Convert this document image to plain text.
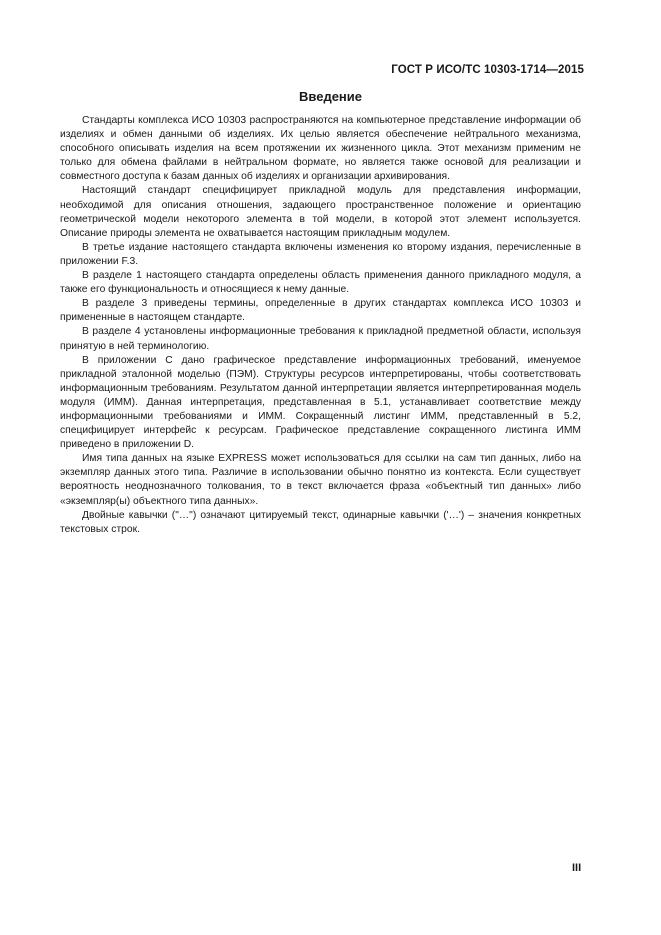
ГОСТ Р ИСО/ТС 10303-1714—2015
Введение

Стандарты комплекса ИСО 10303 распространяются на компьютерное представление информации об изделиях и обмен данными об изделиях. Их целью является обеспечение нейтрального механизма, способного описывать изделия на всем протяжении их жизненного цикла. Этот механизм применим не только для обмена файлами в нейтральном формате, но является также основой для реализации и совместного доступа к базам данных об изделиях и организации архивирования.

Настоящий стандарт специфицирует прикладной модуль для представления информации, необходимой для описания отношения, задающего пространственное положение и ориентацию геометрической модели некоторого элемента в той модели, в которой этот элемент используется. Описание природы элемента не охватывается настоящим прикладным модулем.

В третье издание настоящего стандарта включены изменения ко второму издания, перечисленные в приложении F.3.

В разделе 1 настоящего стандарта определены область применения данного прикладного модуля, а также его функциональность и относящиеся к нему данные.

В разделе 3 приведены термины, определенные в других стандартах комплекса ИСО 10303 и примененные в настоящем стандарте.

В разделе 4 установлены информационные требования к прикладной предметной области, используя принятую в ней терминологию.

В приложении С дано графическое представление информационных требований, именуемое прикладной эталонной моделью (ПЭМ). Структуры ресурсов интерпретированы, чтобы соответствовать информационным требованиям. Результатом данной интерпретации является интерпретированная модель модуля (ИММ). Данная интерпретация, представленная в 5.1, устанавливает соответствие между информационными требованиями и ИММ. Сокращенный листинг ИММ, представленный в 5.2, специфицирует интерфейс к ресурсам. Графическое представление сокращенного листинга ИММ приведено в приложении D.

Имя типа данных на языке EXPRESS может использоваться для ссылки на сам тип данных, либо на экземпляр данных этого типа. Различие в использовании обычно понятно из контекста. Если существует вероятность неоднозначного толкования, то в текст включается фраза «объектный тип данных» либо «экземпляр(ы) объектного типа данных».

Двойные кавычки ("…") означают цитируемый текст, одинарные кавычки ('…') – значения конкретных текстовых строк.

III
